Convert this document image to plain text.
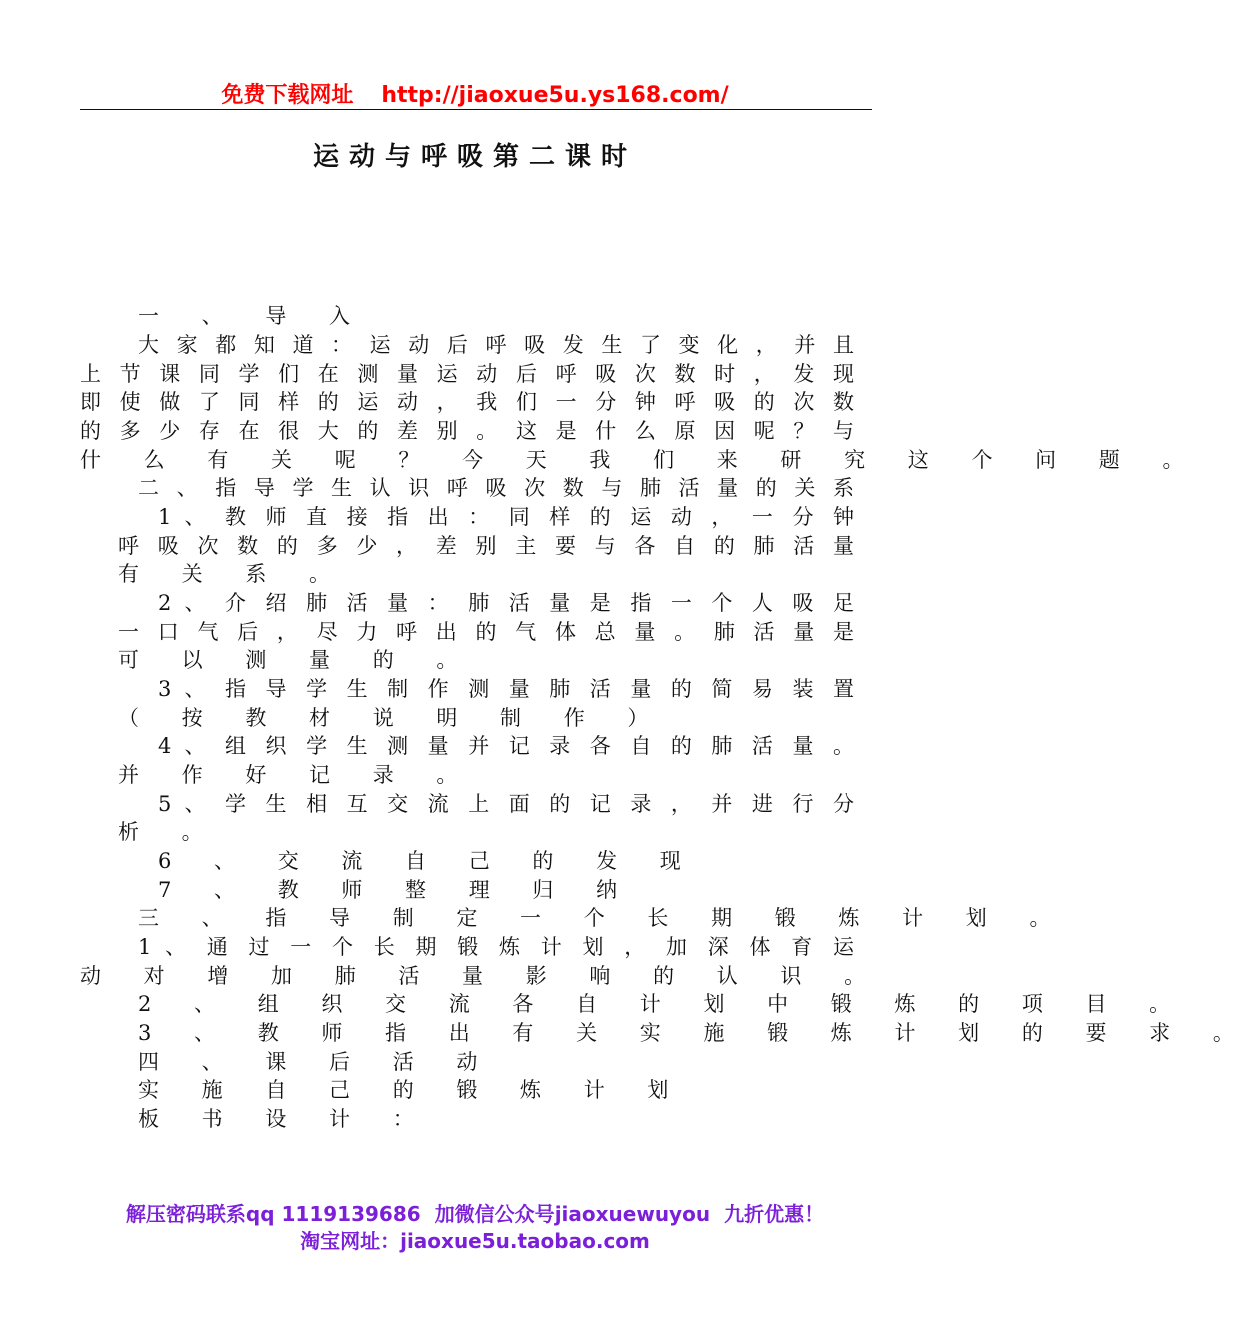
免费下载网址 http://jiaoxue5u.ys168.com/
运动与呼吸第二课时
一 、 导 入
大 家 都 知 道 ： 运 动 后 呼 吸 发 生 了 变 化 ， 并 且
上 节 课 同 学 们 在 测 量 运 动 后 呼 吸 次 数 时 ， 发 现
即 使 做 了 同 样 的 运 动 ， 我 们 一 分 钟 呼 吸 的 次 数
的 多 少 存 在 很 大 的 差 别 。 这 是 什 么 原 因 呢 ？ 与
什 么 有 关 呢 ？ 今 天 我 们 来 研 究 这 个 问 题 。
二 、 指 导 学 生 认 识 呼 吸 次 数 与 肺 活 量 的 关 系
1 、 教 师 直 接 指 出 ： 同 样 的 运 动 ， 一 分 钟
呼 吸 次 数 的 多 少 ， 差 别 主 要 与 各 自 的 肺 活 量
有 关 系 。
2 、 介 绍 肺 活 量 ： 肺 活 量 是 指 一 个 人 吸 足
一 口 气 后 ， 尽 力 呼 出 的 气 体 总 量 。 肺 活 量 是
可 以 测 量 的 。
3 、 指 导 学 生 制 作 测 量 肺 活 量 的 简 易 装 置
（ 按 教 材 说 明 制 作 ）
4 、 组 织 学 生 测 量 并 记 录 各 自 的 肺 活 量 。
并 作 好 记 录 。
5 、 学 生 相 互 交 流 上 面 的 记 录 ， 并 进 行 分
析 。
6 、 交 流 自 己 的 发 现
7 、 教 师 整 理 归 纳
三 、 指 导 制 定 一 个 长 期 锻 炼 计 划 。
1 、 通 过 一 个 长 期 锻 炼 计 划 ， 加 深 体 育 运
动 对 增 加 肺 活 量 影 响 的 认 识 。
2 、 组 织 交 流 各 自 计 划 中 锻 炼 的 项 目 。
3 、 教 师 指 出 有 关 实 施 锻 炼 计 划 的 要 求 。
四 、 课 后 活 动
实 施 自 己 的 锻 炼 计 划
板 书 设 计 ：
解压密码联系qq 1119139686 加微信公众号jiaoxuewuyou 九折优惠！
淘宝网址：jiaoxue5u.taobao.com
